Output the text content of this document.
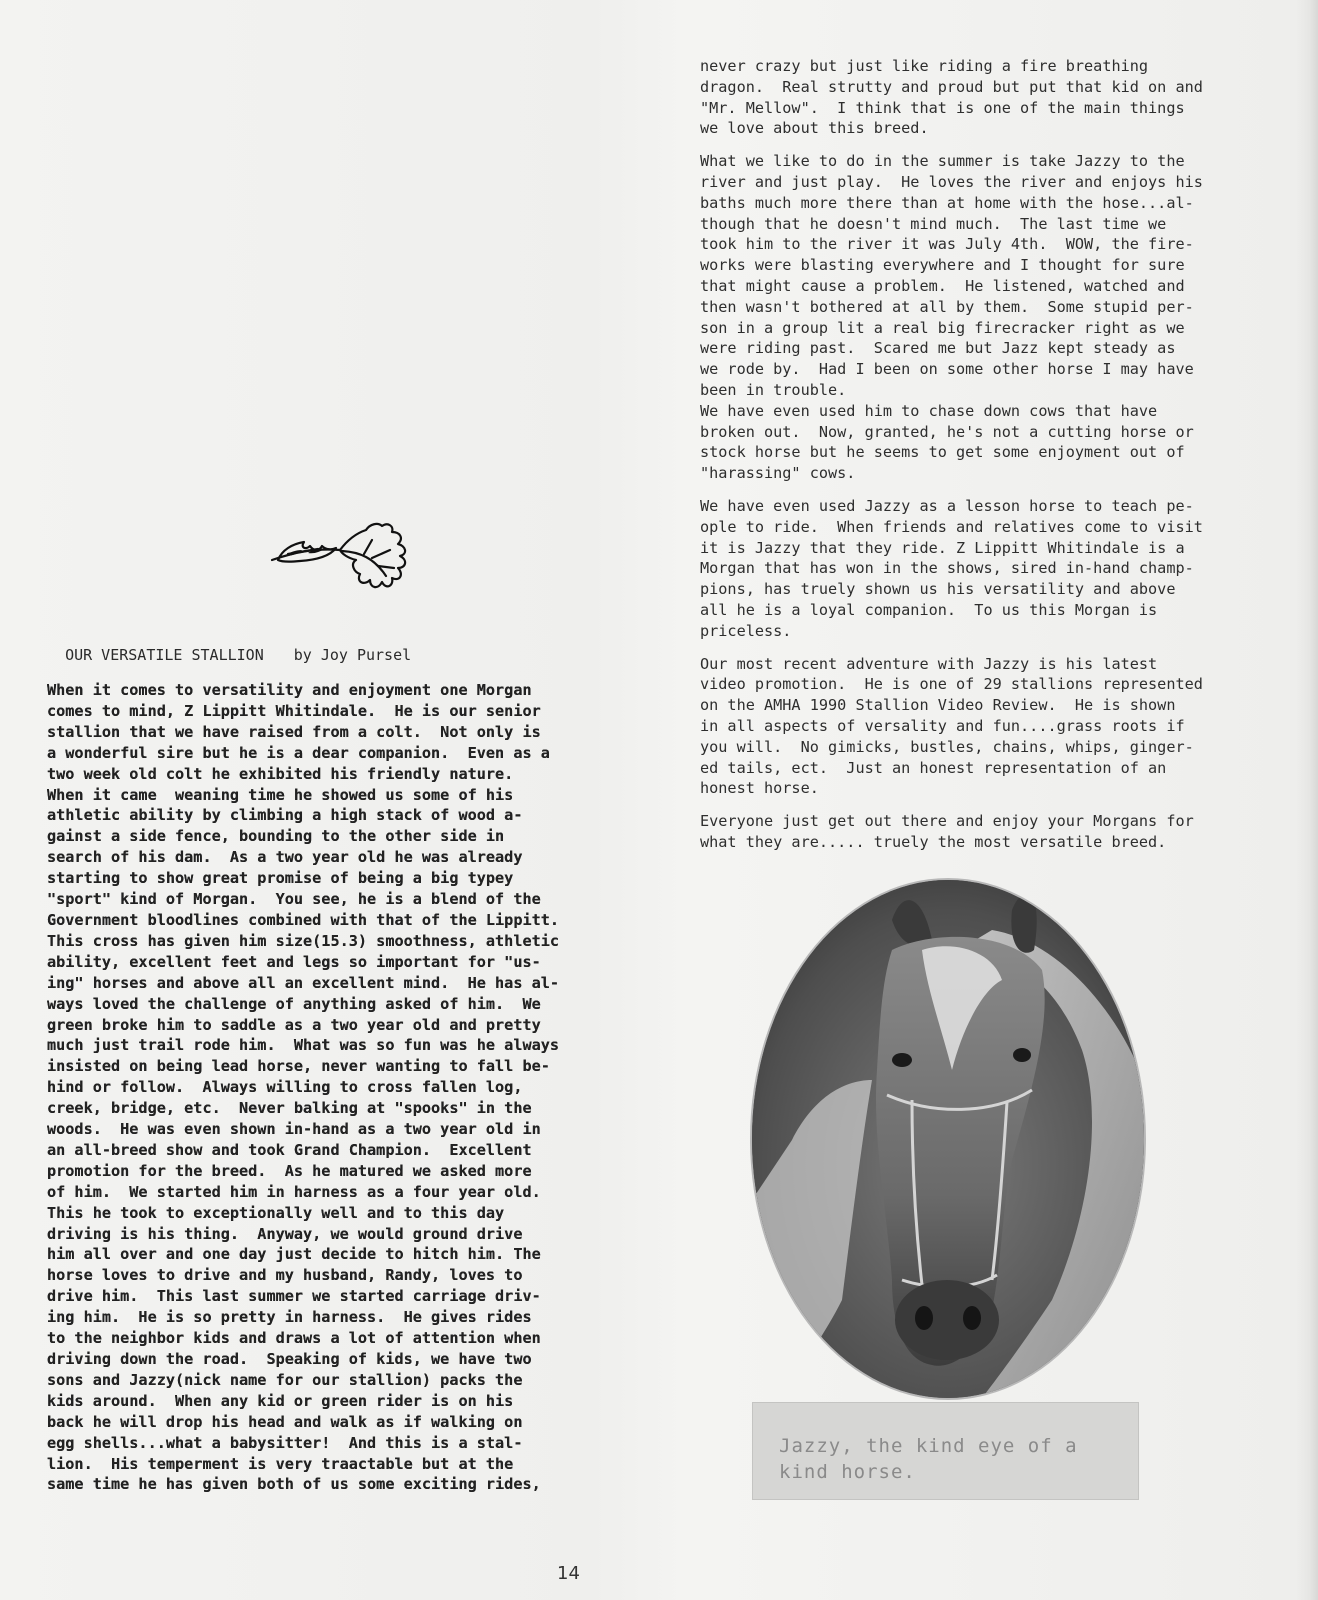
OUR VERSATILE STALLION by Joy Pursel

When it comes to versatility and enjoyment one Morgan
comes to mind, Z Lippitt Whitindale.  He is our senior
stallion that we have raised from a colt.  Not only is
a wonderful sire but he is a dear companion.  Even as a
two week old colt he exhibited his friendly nature.
When it came  weaning time he showed us some of his
athletic ability by climbing a high stack of wood a-
gainst a side fence, bounding to the other side in
search of his dam.  As a two year old he was already
starting to show great promise of being a big typey
"sport" kind of Morgan.  You see, he is a blend of the
Government bloodlines combined with that of the Lippitt.
This cross has given him size(15.3) smoothness, athletic
ability, excellent feet and legs so important for "us-
ing" horses and above all an excellent mind.  He has al-
ways loved the challenge of anything asked of him.  We
green broke him to saddle as a two year old and pretty
much just trail rode him.  What was so fun was he always
insisted on being lead horse, never wanting to fall be-
hind or follow.  Always willing to cross fallen log,
creek, bridge, etc.  Never balking at "spooks" in the
woods.  He was even shown in-hand as a two year old in
an all-breed show and took Grand Champion.  Excellent
promotion for the breed.  As he matured we asked more
of him.  We started him in harness as a four year old.
This he took to exceptionally well and to this day
driving is his thing.  Anyway, we would ground drive
him all over and one day just decide to hitch him. The
horse loves to drive and my husband, Randy, loves to
drive him.  This last summer we started carriage driv-
ing him.  He is so pretty in harness.  He gives rides
to the neighbor kids and draws a lot of attention when
driving down the road.  Speaking of kids, we have two
sons and Jazzy(nick name for our stallion) packs the
kids around.  When any kid or green rider is on his
back he will drop his head and walk as if walking on
egg shells...what a babysitter!  And this is a stal-
lion.  His temperment is very traactable but at the
same time he has given both of us some exciting rides,
never crazy but just like riding a fire breathing
dragon.  Real strutty and proud but put that kid on and
"Mr. Mellow".  I think that is one of the main things
we love about this breed.
What we like to do in the summer is take Jazzy to the
river and just play.  He loves the river and enjoys his
baths much more there than at home with the hose...al-
though that he doesn't mind much.  The last time we
took him to the river it was July 4th.  WOW, the fire-
works were blasting everywhere and I thought for sure
that might cause a problem.  He listened, watched and
then wasn't bothered at all by them.  Some stupid per-
son in a group lit a real big firecracker right as we
were riding past.  Scared me but Jazz kept steady as
we rode by.  Had I been on some other horse I may have
been in trouble.
We have even used him to chase down cows that have
broken out.  Now, granted, he's not a cutting horse or
stock horse but he seems to get some enjoyment out of
"harassing" cows.
We have even used Jazzy as a lesson horse to teach pe-
ople to ride.  When friends and relatives come to visit
it is Jazzy that they ride. Z Lippitt Whitindale is a
Morgan that has won in the shows, sired in-hand champ-
pions, has truely shown us his versatility and above
all he is a loyal companion.  To us this Morgan is
priceless.
Our most recent adventure with Jazzy is his latest
video promotion.  He is one of 29 stallions represented
on the AMHA 1990 Stallion Video Review.  He is shown
in all aspects of versality and fun....grass roots if
you will.  No gimicks, bustles, chains, whips, ginger-
ed tails, ect.  Just an honest representation of an
honest horse.
Everyone just get out there and enjoy your Morgans for
what they are..... truely the most versatile breed.
Jazzy, the kind eye of a
kind horse.
14
